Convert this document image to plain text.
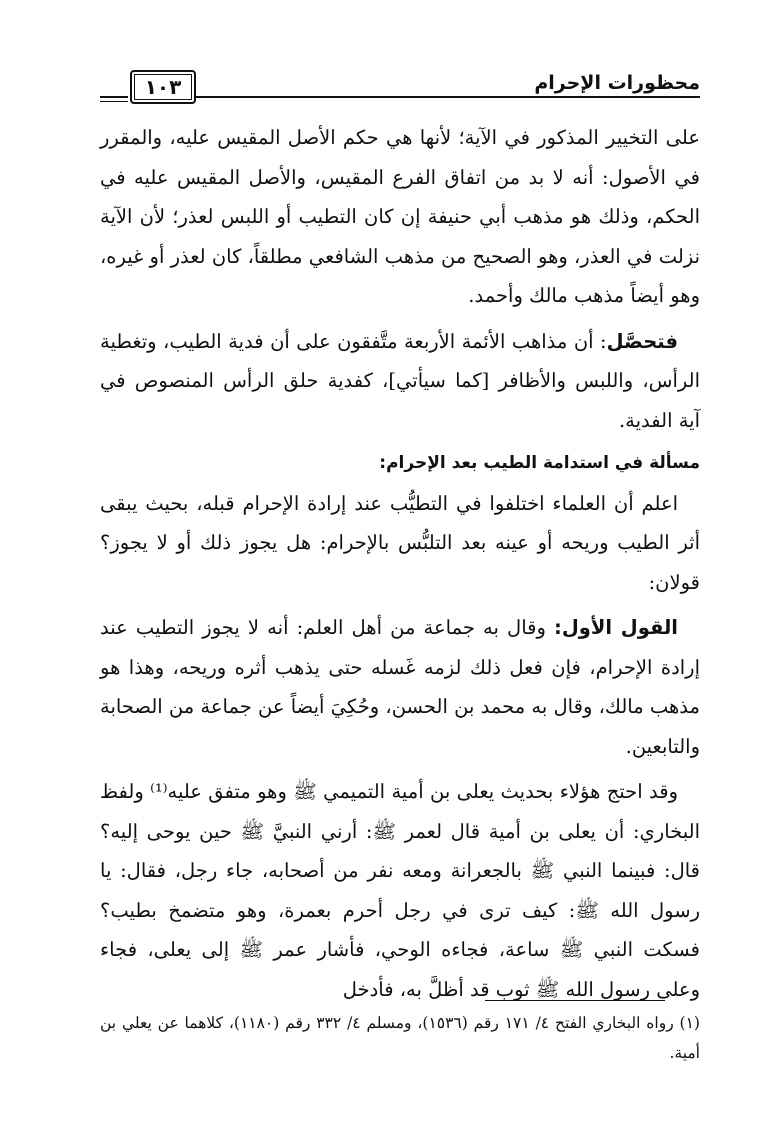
محظورات الإحرام
١٠٣

على التخيير المذكور في الآية؛ لأنها هي حكم الأصل المقيس عليه، والمقرر في الأصول: أنه لا بد من اتفاق الفرع المقيس، والأصل المقيس عليه في الحكم، وذلك هو مذهب أبي حنيفة إن كان التطيب أو اللبس لعذر؛ لأن الآية نزلت في العذر، وهو الصحيح من مذهب الشافعي مطلقاً، كان لعذر أو غيره، وهو أيضاً مذهب مالك وأحمد.

فتحصَّل: أن مذاهب الأئمة الأربعة متَّفقون على أن فدية الطيب، وتغطية الرأس، واللبس والأظافر [كما سيأتي]، كفدية حلق الرأس المنصوص في آية الفدية.

مسألة في استدامة الطيب بعد الإحرام:

اعلم أن العلماء اختلفوا في التطيُّب عند إرادة الإحرام قبله، بحيث يبقى أثر الطيب وريحه أو عينه بعد التلبُّس بالإحرام: هل يجوز ذلك أو لا يجوز؟ قولان:

القول الأول: وقال به جماعة من أهل العلم: أنه لا يجوز التطيب عند إرادة الإحرام، فإن فعل ذلك لزمه غَسله حتى يذهب أثره وريحه، وهذا هو مذهب مالك، وقال به محمد بن الحسن، وحُكِيَ أيضاً عن جماعة من الصحابة والتابعين.

وقد احتج هؤلاء بحديث يعلى بن أمية التميمي ﷺ وهو متفق عليه⁽¹⁾ ولفظ البخاري: أن يعلى بن أمية قال لعمر ﷺ: أرني النبيَّ ﷺ حين يوحى إليه؟ قال: فبينما النبي ﷺ بالجعرانة ومعه نفر من أصحابه، جاء رجل، فقال: يا رسول الله ﷺ: كيف ترى في رجل أحرم بعمرة، وهو متضمخ بطيب؟ فسكت النبي ﷺ ساعة، فجاءه الوحي، فأشار عمر ﷺ إلى يعلى، فجاء وعلى رسول الله ﷺ ثوب قد أظلَّ به، فأدخل

(١) رواه البخاري الفتح ٤/ ١٧١ رقم (١٥٣٦)، ومسلم ٤/ ٣٣٢ رقم (١١٨٠)، كلاهما عن يعلي بن أمية.
